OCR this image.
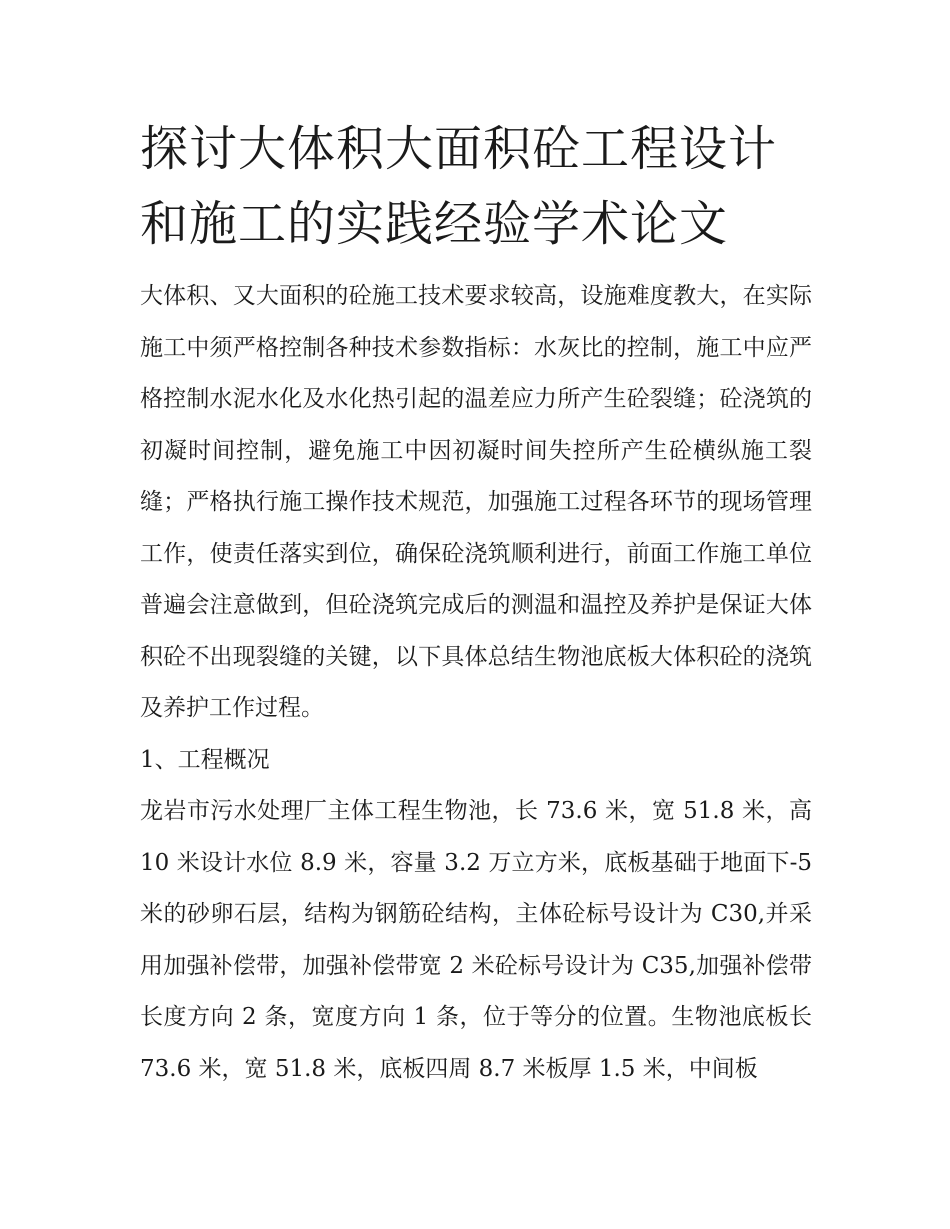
探讨大体积大面积砼工程设计
和施工的实践经验学术论文

大体积、又大面积的砼施工技术要求较高，设施难度教大，在实际施工中须严格控制各种技术参数指标：水灰比的控制，施工中应严格控制水泥水化及水化热引起的温差应力所产生砼裂缝；砼浇筑的初凝时间控制，避免施工中因初凝时间失控所产生砼横纵施工裂缝；严格执行施工操作技术规范，加强施工过程各环节的现场管理工作，使责任落实到位，确保砼浇筑顺利进行，前面工作施工单位普遍会注意做到，但砼浇筑完成后的测温和温控及养护是保证大体积砼不出现裂缝的关键，以下具体总结生物池底板大体积砼的浇筑及养护工作过程。

1、工程概况

龙岩市污水处理厂主体工程生物池，长 73.6 米，宽 51.8 米，高 10 米设计水位 8.9 米，容量 3.2 万立方米，底板基础于地面下-5 米的砂卵石层，结构为钢筋砼结构，主体砼标号设计为 C30,并采用加强补偿带，加强补偿带宽 2 米砼标号设计为 C35,加强补偿带长度方向 2 条，宽度方向 1 条，位于等分的位置。生物池底板长 73.6 米，宽 51.8 米，底板四周 8.7 米板厚 1.5 米，中间板
